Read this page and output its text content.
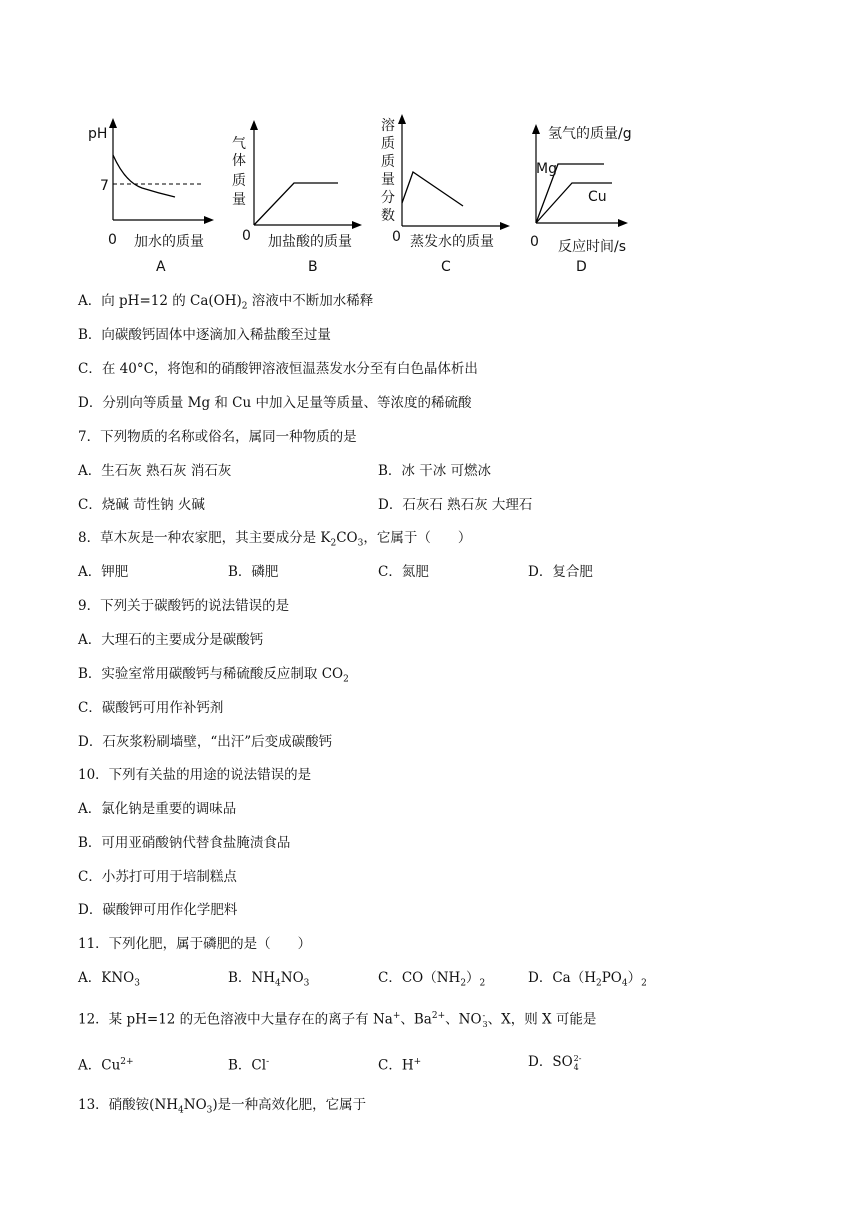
pH
7
0 加水的质量
A
气
体
质
量
0 加盐酸的质量
B
溶
质
质
量
分
数
0 蒸发水的质量
C
氢气的质量/g
Mg
Cu
0 反应时间/s
D
A．向 pH=12 的 $Ca(OH)_2$ 溶液中不断加水稀释
B．向碳酸钙固体中逐滴加入稀盐酸至过量
C．在 40°C，将饱和的硝酸钾溶液恒温蒸发水分至有白色晶体析出
D．分别向等质量 Mg 和 Cu 中加入足量等质量、等浓度的稀硫酸
7．下列物质的名称或俗名，属同一种物质的是
A．生石灰 熟石灰 消石灰	B．冰 干冰 可燃冰
C．烧碱 苛性钠 火碱	D．石灰石 熟石灰 大理石
8．草木灰是一种农家肥，其主要成分是 $K_2CO_3$，它属于（　　）
A．钾肥	B．磷肥	C．氮肥	D．复合肥
9．下列关于碳酸钙的说法错误的是
A．大理石的主要成分是碳酸钙
B．实验室常用碳酸钙与稀硫酸反应制取 $CO_2$
C．碳酸钙可用作补钙剂
D．石灰浆粉刷墙壁，“出汗”后变成碳酸钙
10．下列有关盐的用途的说法错误的是
A．氯化钠是重要的调味品
B．可用亚硝酸钠代替食盐腌渍食品
C．小苏打可用于培制糕点
D．碳酸钾可用作化学肥料
11．下列化肥，属于磷肥的是（　　）
A．$KNO_3$	B．$NH_4NO_3$	C．$CO(NH_2)_2$	D．$Ca(H_2PO_4)_2$
12．某 pH=12 的无色溶液中大量存在的离子有 Na+、$Ba^{2+}$、NO -
3 、X，则 X 可能是
A．$Cu^{2+}$	B．Cl-	C．H+	D．SO 2-
4
13．硝酸铵$(NH_4NO_3)$是一种高效化肥，它属于
